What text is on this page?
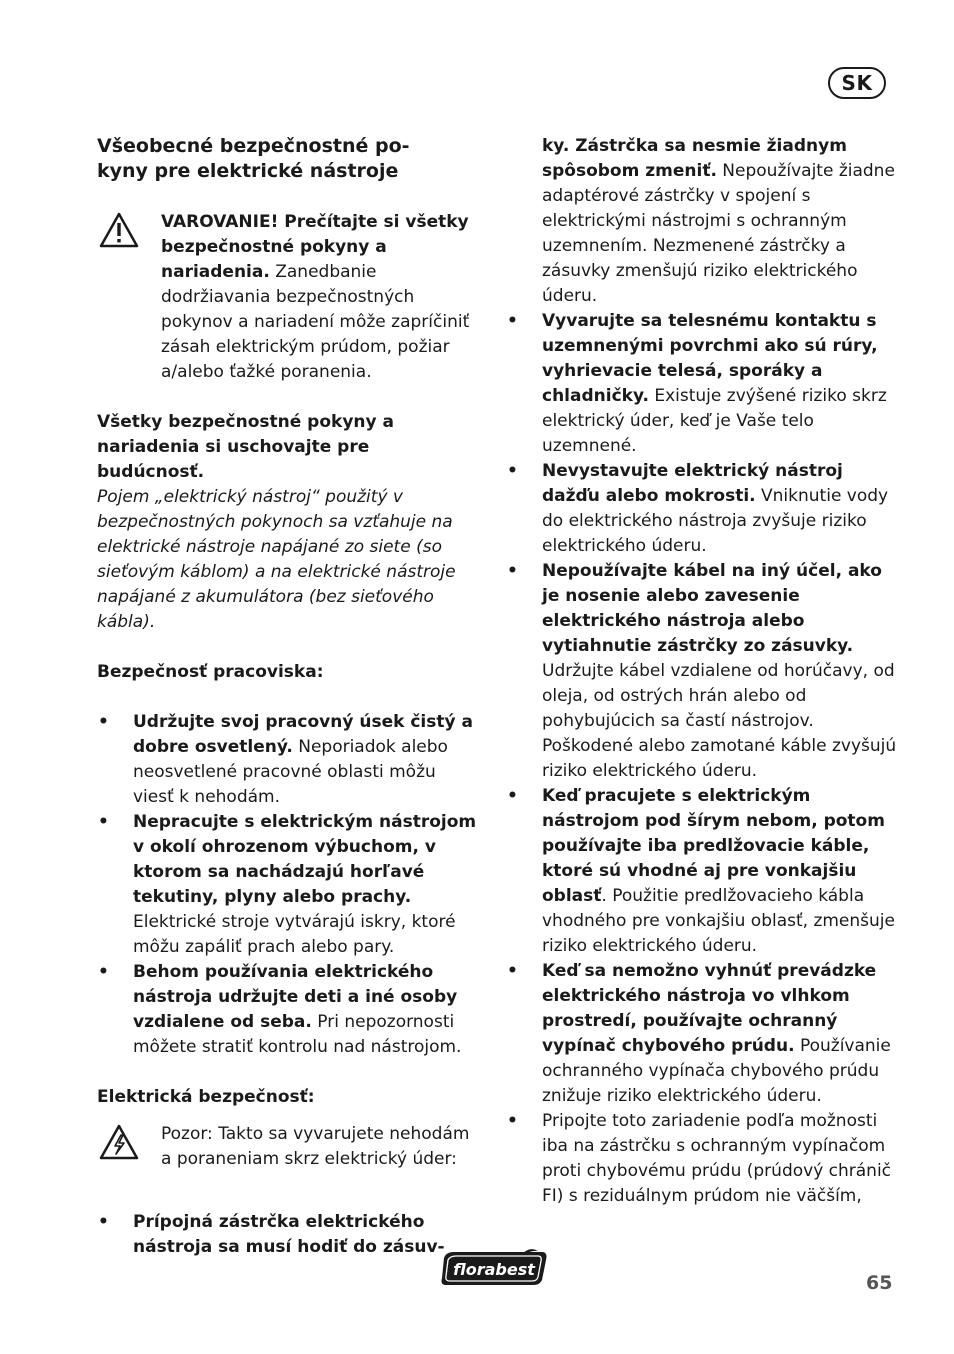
SK
Všeobecné bezpečnostné po-
kyny pre elektrické nástroje

VAROVANIE! Prečítajte si všetky bezpečnostné pokyny a nariadenia. Zanedbanie dodržiavania bezpečnostných pokynov a nariadení môže zapríčiniť zásah elektrickým prúdom, požiar a/alebo ťažké poranenia.

Všetky bezpečnostné pokyny a nariadenia si uschovajte pre budúcnosť.

Pojem „elektrický nástroj“ použitý v bezpečnostných pokynoch sa vzťahuje na elektrické nástroje napájané zo siete (so sieťovým káblom) a na elektrické nástroje napájané z akumulátora (bez sieťového kábla).

Bezpečnosť pracoviska:

• Udržujte svoj pracovný úsek čistý a dobre osvetlený. Neporiadok alebo neosvetlené pracovné oblasti môžu viesť k nehodám.
• Nepracujte s elektrickým nástrojom v okolí ohrozenom výbuchom, v ktorom sa nachádzajú horľavé tekutiny, plyny alebo prachy. Elektrické stroje vytvárajú iskry, ktoré môžu zapáliť prach alebo pary.
• Behom používania elektrického nástroja udržujte deti a iné osoby vzdialene od seba. Pri nepozornosti môžete stratiť kontrolu nad nástrojom.

Elektrická bezpečnosť:

Pozor: Takto sa vyvarujete nehodám a poraneniam skrz elektrický úder:

• Prípojná zástrčka elektrického nástroja sa musí hodiť do zásuv-
ky. Zástrčka sa nesmie žiadnym spôsobom zmeniť. Nepoužívajte žiadne adaptérové zástrčky v spojení s elektrickými nástrojmi s ochranným uzemnením. Nezmenené zástrčky a zásuvky zmenšujú riziko elektrického úderu.
• Vyvarujte sa telesnému kontaktu s uzemnenými povrchmi ako sú rúry, vyhrievacie telesá, sporáky a chladničky. Existuje zvýšené riziko skrz elektrický úder, keď je Vaše telo uzemnené.
• Nevystavujte elektrický nástroj dažďu alebo mokrosti. Vniknutie vody do elektrického nástroja zvyšuje riziko elektrického úderu.
• Nepoužívajte kábel na iný účel, ako je nosenie alebo zavesenie elektrického nástroja alebo vytiahnutie zástrčky zo zásuvky. Udržujte kábel vzdialene od horúčavy, od oleja, od ostrých hrán alebo od pohybujúcich sa častí nástrojov. Poškodené alebo zamotané káble zvyšujú riziko elektrického úderu.
• Keď pracujete s elektrickým nástrojom pod šírym nebom, potom používajte iba predlžovacie káble, ktoré sú vhodné aj pre vonkajšiu oblasť. Použitie predlžovacieho kábla vhodného pre vonkajšiu oblasť, zmenšuje riziko elektrického úderu.
• Keď sa nemožno vyhnúť prevádzke elektrického nástroja vo vlhkom prostredí, používajte ochranný vypínač chybového prúdu. Používanie ochranného vypínača chybového prúdu znižuje riziko elektrického úderu.
• Pripojte toto zariadenie podľa možnosti iba na zástrčku s ochranným vypínačom proti chybovému prúdu (prúdový chránič FI) s reziduálnym prúdom nie väčším,
florabest
65
